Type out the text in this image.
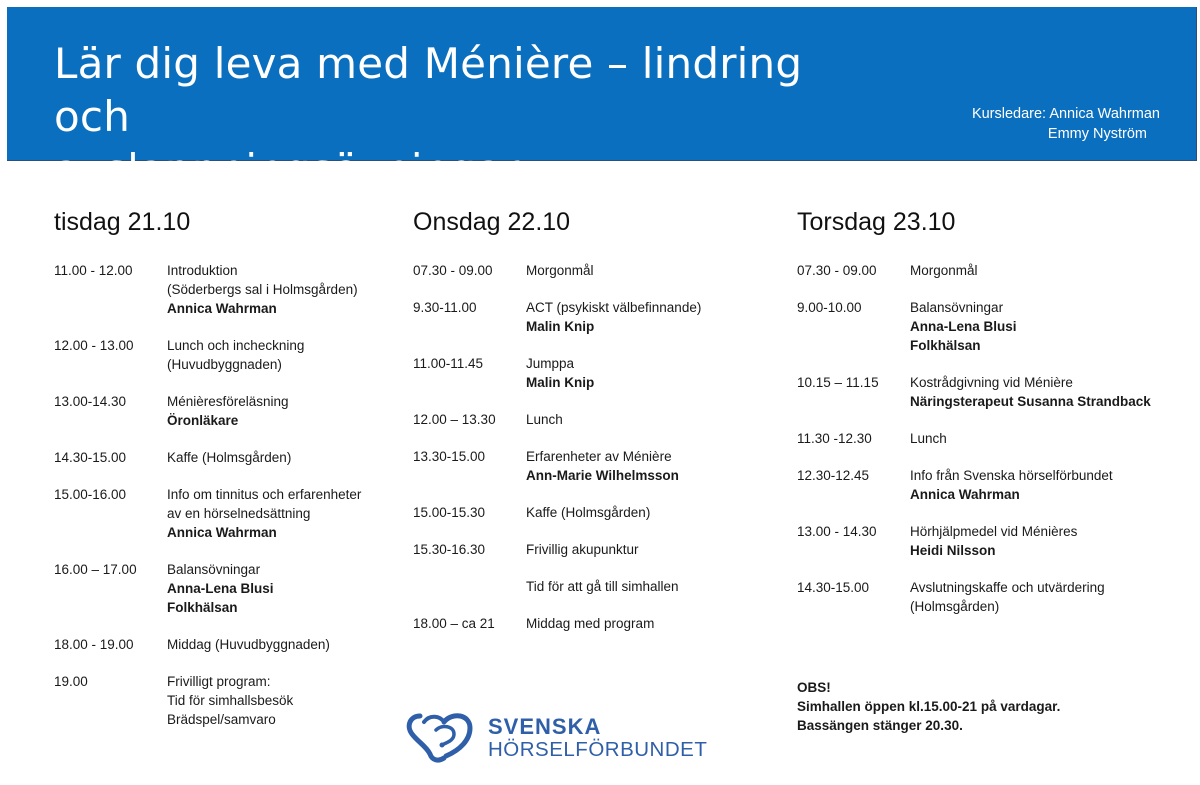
Lär dig leva med Ménière – lindring och
avslappningsövningar
Kursledare: Annica Wahrman
Emmy Nyström
tisdag 21.10
11.00 - 12.00	Introduktion
(Söderbergs sal i Holmsgården)
Annica Wahrman
12.00 - 13.00	Lunch och incheckning
(Huvudbyggnaden)
13.00-14.30	Ménièresföreläsning
Öronläkare
14.30-15.00	Kaffe (Holmsgården)
15.00-16.00	Info om tinnitus och erfarenheter
av en hörselnedsättning
Annica Wahrman
16.00 – 17.00	Balansövningar
Anna-Lena Blusi
Folkhälsan
18.00 - 19.00	Middag (Huvudbyggnaden)
19.00	Frivilligt program:
Tid för simhallsbesök
Brädspel/samvaro
Onsdag 22.10
07.30 - 09.00	Morgonmål
9.30-11.00	ACT (psykiskt välbefinnande)
Malin Knip
11.00-11.45	Jumppa
Malin Knip
12.00 – 13.30	Lunch
13.30-15.00	Erfarenheter av Ménière
Ann-Marie Wilhelmsson
15.00-15.30	Kaffe (Holmsgården)
15.30-16.30	Frivillig akupunktur
Tid för att gå till simhallen
18.00 – ca 21	Middag med program
Torsdag 23.10
07.30 - 09.00	Morgonmål
9.00-10.00	Balansövningar
Anna-Lena Blusi
Folkhälsan
10.15 – 11.15	Kostrådgivning vid Ménière
Näringsterapeut Susanna Strandback
11.30 -12.30	Lunch
12.30-12.45	Info från Svenska hörselförbundet
Annica Wahrman
13.00 - 14.30	Hörhjälpmedel vid Ménières
Heidi Nilsson
14.30-15.00	Avslutningskaffe och utvärdering
(Holmsgården)
OBS!
Simhallen öppen kl.15.00-21 på vardagar.
Bassängen stänger 20.30.
SVENSKA
HÖRSELFÖRBUNDET
